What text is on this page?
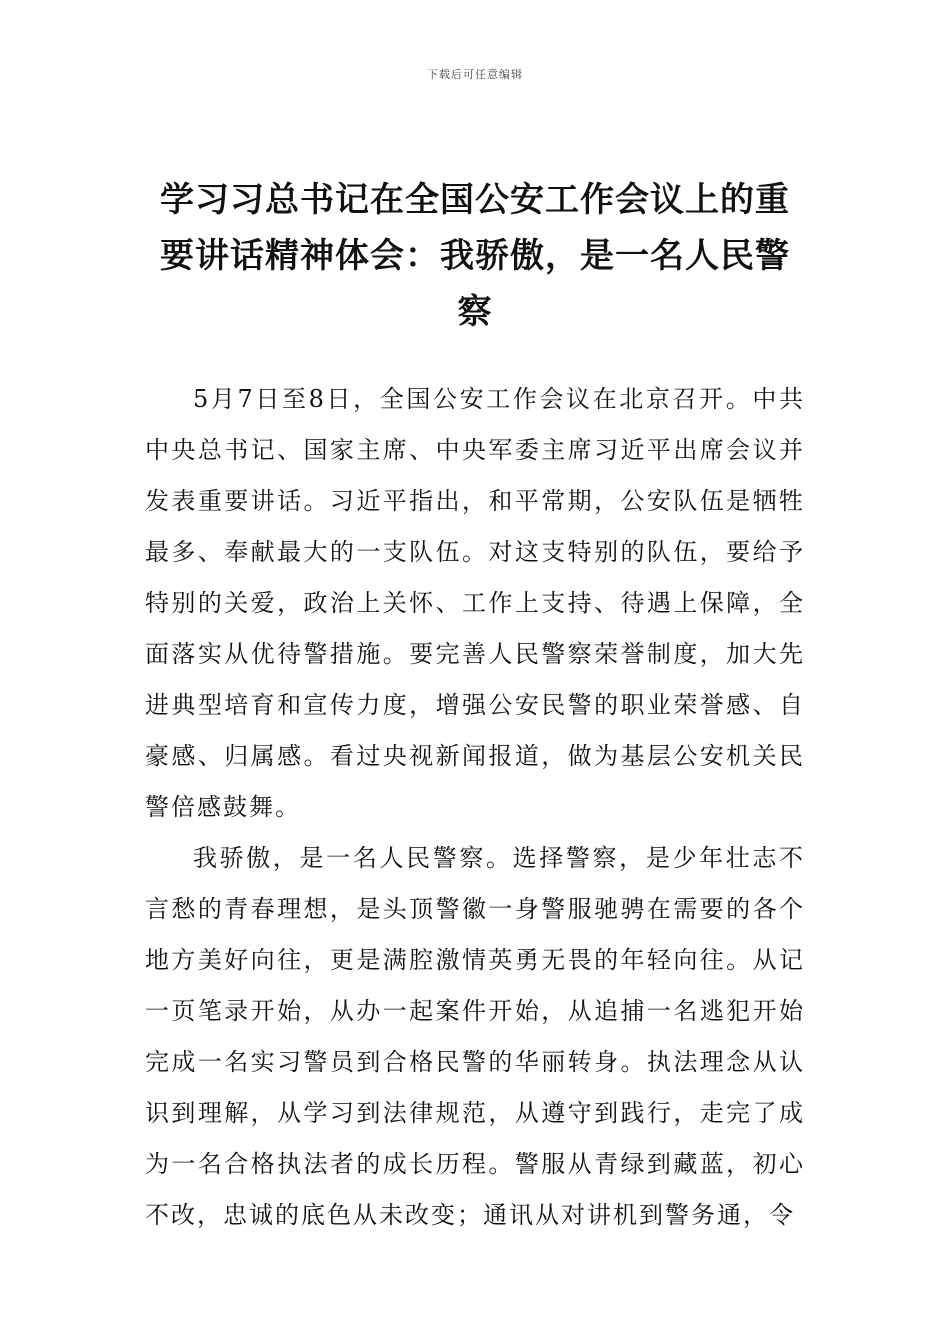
下载后可任意编辑
学习习总书记在全国公安工作会议上的重要讲话精神体会：我骄傲，是一名人民警察

5月7日至8日，全国公安工作会议在北京召开。中共中央总书记、国家主席、中央军委主席习近平出席会议并发表重要讲话。习近平指出，和平常期，公安队伍是牺牲最多、奉献最大的一支队伍。对这支特别的队伍，要给予特别的关爱，政治上关怀、工作上支持、待遇上保障，全面落实从优待警措施。要完善人民警察荣誉制度，加大先进典型培育和宣传力度，增强公安民警的职业荣誉感、自豪感、归属感。看过央视新闻报道，做为基层公安机关民警倍感鼓舞。

我骄傲，是一名人民警察。选择警察，是少年壮志不言愁的青春理想，是头顶警徽一身警服驰骋在需要的各个地方美好向往，更是满腔激情英勇无畏的年轻向往。从记一页笔录开始，从办一起案件开始，从追捕一名逃犯开始完成一名实习警员到合格民警的华丽转身。执法理念从认识到理解，从学习到法律规范，从遵守到践行，走完了成为一名合格执法者的成长历程。警服从青绿到藏蓝，初心不改，忠诚的底色从未改变；通讯从对讲机到警务通，令
